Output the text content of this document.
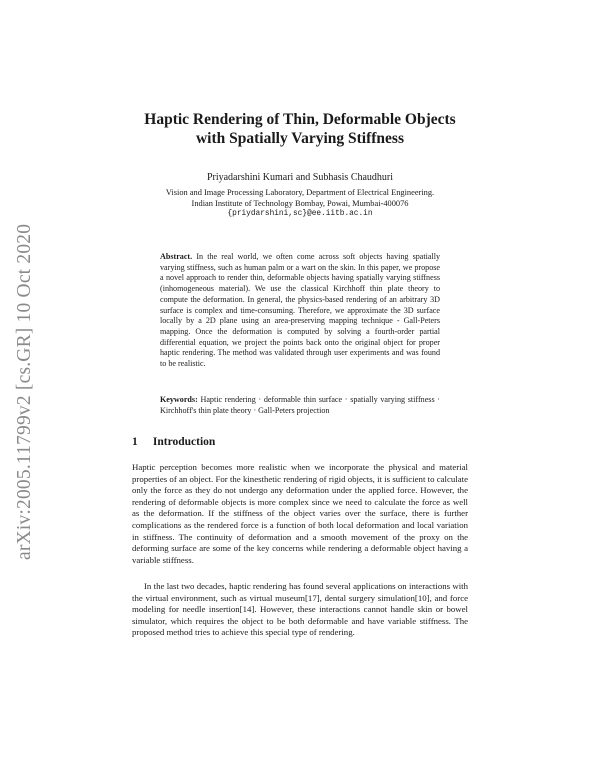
arXiv:2005.11799v2 [cs.GR] 10 Oct 2020
Haptic Rendering of Thin, Deformable Objects
with Spatially Varying Stiffness
Priyadarshini Kumari and Subhasis Chaudhuri
Vision and Image Processing Laboratory, Department of Electrical Engineering.
Indian Institute of Technology Bombay, Powai, Mumbai-400076
{priydarshini,sc}@ee.iitb.ac.in
Abstract. In the real world, we often come across soft objects having spatially varying stiffness, such as human palm or a wart on the skin. In this paper, we propose a novel approach to render thin, deformable objects having spatially varying stiffness (inhomogeneous material). We use the classical Kirchhoff thin plate theory to compute the deformation. In general, the physics-based rendering of an arbitrary 3D surface is complex and time-consuming. Therefore, we approximate the 3D surface locally by a 2D plane using an area-preserving mapping technique - Gall-Peters mapping. Once the deformation is computed by solving a fourth-order partial differential equation, we project the points back onto the original object for proper haptic rendering. The method was validated through user experiments and was found to be realistic.
Keywords: Haptic rendering · deformable thin surface · spatially varying stiffness · Kirchhoff's thin plate theory · Gall-Peters projection
1 Introduction
Haptic perception becomes more realistic when we incorporate the physical and material properties of an object. For the kinesthetic rendering of rigid objects, it is sufficient to calculate only the force as they do not undergo any deformation under the applied force. However, the rendering of deformable objects is more complex since we need to calculate the force as well as the deformation. If the stiffness of the object varies over the surface, there is further complications as the rendered force is a function of both local deformation and local variation in stiffness. The continuity of deformation and a smooth movement of the proxy on the deforming surface are some of the key concerns while rendering a deformable object having a variable stiffness.
In the last two decades, haptic rendering has found several applications on interactions with the virtual environment, such as virtual museum[17], dental surgery simulation[10], and force modeling for needle insertion[14]. However, these interactions cannot handle skin or bowel simulator, which requires the object to be both deformable and have variable stiffness. The proposed method tries to achieve this special type of rendering.
